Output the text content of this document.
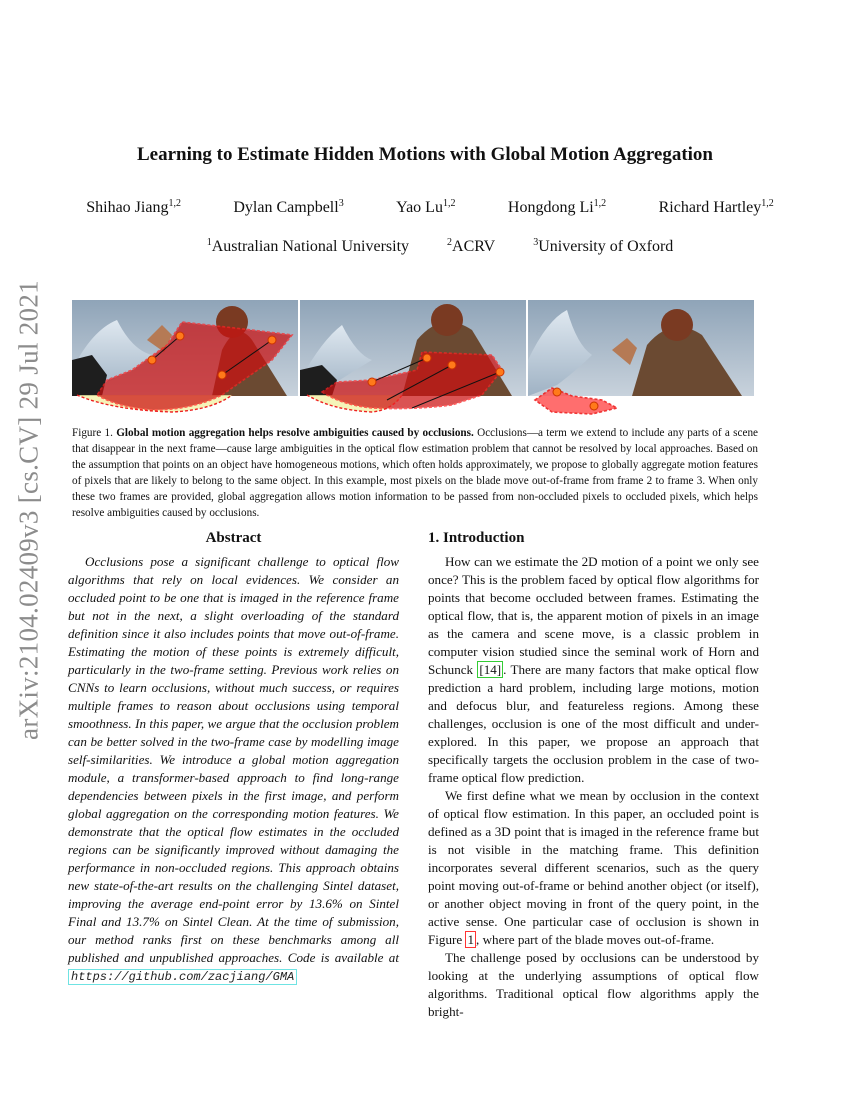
arXiv:2104.02409v3 [cs.CV] 29 Jul 2021
Learning to Estimate Hidden Motions with Global Motion Aggregation
Shihao Jiang$^{1,2}$	Dylan Campbell$^3$	Yao Lu$^{1,2}$	Hongdong Li$^{1,2}$	Richard Hartley$^{1,2}$
$^1$Australian National University	$^2$ACRV	$^3$University of Oxford
Figure 1. Global motion aggregation helps resolve ambiguities caused by occlusions. Occlusions—a term we extend to include any parts of a scene that disappear in the next frame—cause large ambiguities in the optical flow estimation problem that cannot be resolved by local approaches. Based on the assumption that points on an object have homogeneous motions, which often holds approximately, we propose to globally aggregate motion features of pixels that are likely to belong to the same object. In this example, most pixels on the blade move out-of-frame from frame 2 to frame 3. When only these two frames are provided, global aggregation allows motion information to be passed from non-occluded pixels to occluded pixels, which helps resolve ambiguities caused by occlusions.
Abstract

Occlusions pose a significant challenge to optical flow algorithms that rely on local evidences. We consider an occluded point to be one that is imaged in the reference frame but not in the next, a slight overloading of the standard definition since it also includes points that move out-of-frame. Estimating the motion of these points is extremely difficult, particularly in the two-frame setting. Previous work relies on CNNs to learn occlusions, without much success, or requires multiple frames to reason about occlusions using temporal smoothness. In this paper, we argue that the occlusion problem can be better solved in the two-frame case by modelling image self-similarities. We introduce a global motion aggregation module, a transformer-based approach to find long-range dependencies between pixels in the first image, and perform global aggregation on the corresponding motion features. We demonstrate that the optical flow estimates in the occluded regions can be significantly improved without damaging the performance in non-occluded regions. This approach obtains new state-of-the-art results on the challenging Sintel dataset, improving the average end-point error by 13.6% on Sintel Final and 13.7% on Sintel Clean. At the time of submission, our method ranks first on these benchmarks among all published and unpublished approaches. Code is available at https://github.com/zacjiang/GMA

1. Introduction

How can we estimate the 2D motion of a point we only see once? This is the problem faced by optical flow algorithms for points that become occluded between frames. Estimating the optical flow, that is, the apparent motion of pixels in an image as the camera and scene move, is a classic problem in computer vision studied since the seminal work of Horn and Schunck [14] . There are many factors that make optical flow prediction a hard problem, including large motions, motion and defocus blur, and featureless regions. Among these challenges, occlusion is one of the most difficult and under-explored. In this paper, we propose an approach that specifically targets the occlusion problem in the case of two-frame optical flow prediction.

We first define what we mean by occlusion in the context of optical flow estimation. In this paper, an occluded point is defined as a 3D point that is imaged in the reference frame but is not visible in the matching frame. This definition incorporates several different scenarios, such as the query point moving out-of-frame or behind another object (or itself), or another object moving in front of the query point, in the active sense. One particular case of occlusion is shown in Figure 1 , where part of the blade moves out-of-frame.

The challenge posed by occlusions can be understood by looking at the underlying assumptions of optical flow algorithms. Traditional optical flow algorithms apply the bright-
